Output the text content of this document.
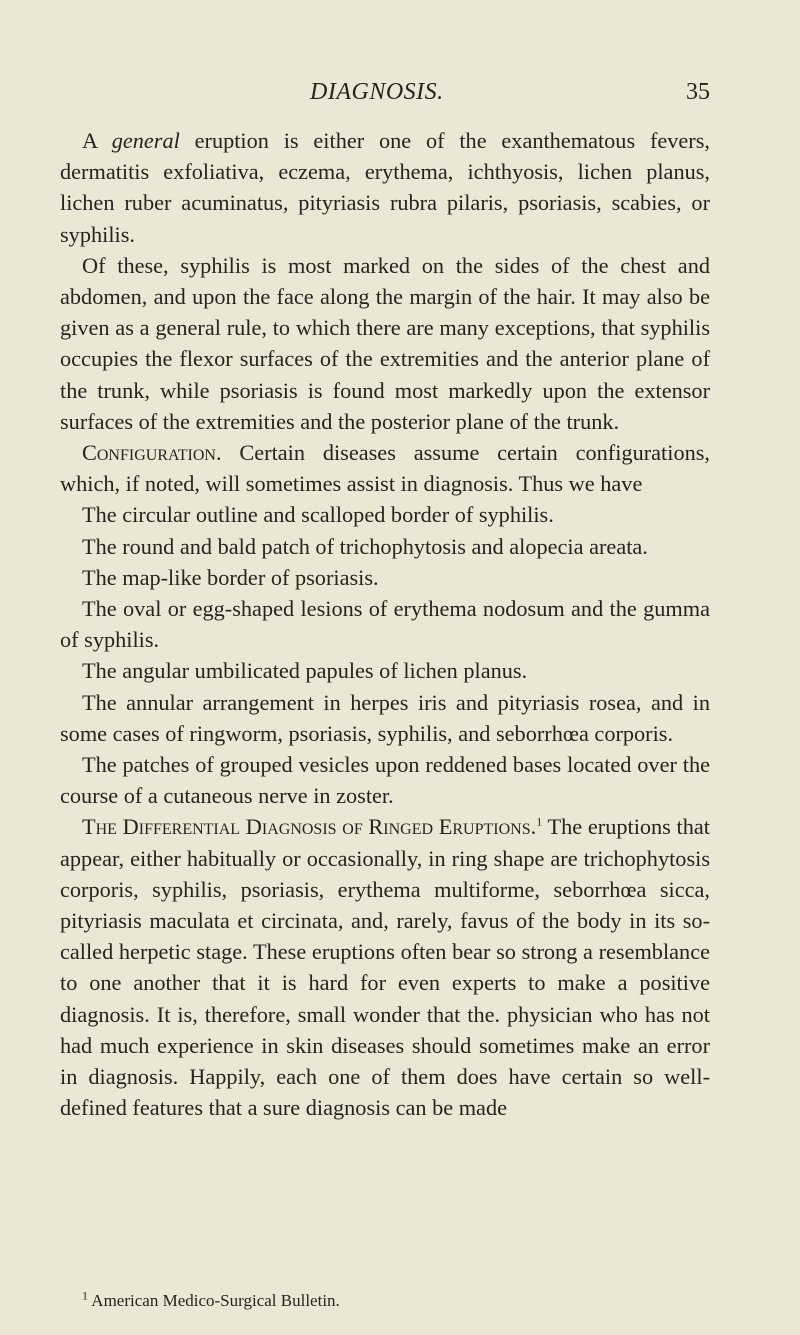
DIAGNOSIS.	35

A general eruption is either one of the exanthematous fevers, dermatitis exfoliativa, eczema, erythema, ichthyosis, lichen planus, lichen ruber acuminatus, pityriasis rubra pilaris, psoriasis, scabies, or syphilis.

Of these, syphilis is most marked on the sides of the chest and abdomen, and upon the face along the margin of the hair. It may also be given as a general rule, to which there are many exceptions, that syphilis occupies the flexor surfaces of the extremities and the anterior plane of the trunk, while psoriasis is found most markedly upon the extensor surfaces of the extremities and the posterior plane of the trunk.

Configuration. Certain diseases assume certain configurations, which, if noted, will sometimes assist in diagnosis. Thus we have

The circular outline and scalloped border of syphilis.

The round and bald patch of trichophytosis and alopecia areata.

The map-like border of psoriasis.

The oval or egg-shaped lesions of erythema nodosum and the gumma of syphilis.

The angular umbilicated papules of lichen planus.

The annular arrangement in herpes iris and pityriasis rosea, and in some cases of ringworm, psoriasis, syphilis, and seborrhœa corporis.

The patches of grouped vesicles upon reddened bases located over the course of a cutaneous nerve in zoster.

The Differential Diagnosis of Ringed Eruptions.$^1$ The eruptions that appear, either habitually or occasionally, in ring shape are trichophytosis corporis, syphilis, psoriasis, erythema multiforme, seborrhœa sicca, pityriasis maculata et circinata, and, rarely, favus of the body in its so-called herpetic stage. These eruptions often bear so strong a resemblance to one another that it is hard for even experts to make a positive diagnosis. It is, therefore, small wonder that the. physician who has not had much experience in skin diseases should sometimes make an error in diagnosis. Happily, each one of them does have certain so well-defined features that a sure diagnosis can be made

$^1$ American Medico-Surgical Bulletin.
